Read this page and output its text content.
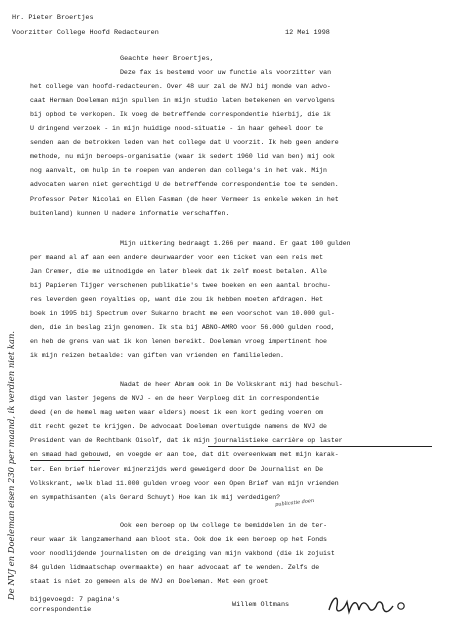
Hr. Pieter Broertjes
Voorzitter College Hoofd Redacteuren	12 Mei 1998
Geachte heer Broertjes,
Deze fax is bestemd voor uw functie als voorzitter van
het college van hoofd-redacteuren. Over 48 uur zal de NVJ bij monde van advo-
caat Herman Doeleman mijn spullen in mijn studio laten betekenen en vervolgens
bij opbod te verkopen. Ik voeg de betreffende correspondentie hierbij, die ik
U dringend verzoek - in mijn huidige nood-situatie - in haar geheel door te
senden aan de betrokken leden van het college dat U voorzit. Ik heb geen andere
methode, nu mijn beroeps-organisatie (waar ik sedert 1960 lid van ben) mij ook
nog aanvalt, om hulp in te roepen van anderen dan collega's in het vak. Mijn
advocaten waren niet gerechtigd U de betreffende correspondentie toe te senden.
Professor Peter Nicolai en Ellen Fasman (de heer Vermeer is enkele weken in het
buitenland) kunnen U nadere informatie verschaffen.
Mijn uitkering bedraagt 1.266 per maand. Er gaat 100 gulden
per maand al af aan een andere deurwaarder voor een ticket van een reis met
Jan Cremer, die me uitnodigde en later bleek dat ik zelf moest betalen. Alle
bij Papieren Tijger verschenen publikatie's twee boeken en een aantal brochu-
res leverden geen royalties op, want die zou ik hebben moeten afdragen. Het
boek in 1995 bij Spectrum over Sukarno bracht me een voorschot van 10.000 gul-
den, die in beslag zijn genomen. Ik sta bij ABNO-AMRO voor 56.000 gulden rood,
en heb de grens van wat ik kon lenen bereikt. Doeleman vroeg impertinent hoe
ik mijn reizen betaalde: van giften van vrienden en familieleden.
Nadat de heer Abram ook in De Volkskrant mij had beschul-
digd van laster jegens de NVJ - en de heer Verploeg dit in correspondentie
deed (en de hemel mag weten waar elders) moest ik een kort geding voeren om
dit recht gezet te krijgen. De advocaat Doeleman overtuigde namens de NVJ de
President van de Rechtbank Oisolf, dat ik mijn journalistieke carrière op laster
en smaad had gebouwd, en voegde er aan toe, dat dit overeenkwam met mijn karak-
ter. Een brief hierover mijnerzijds werd geweigerd door De Journalist en De
Volkskrant, welk blad 11.000 gulden vroeg voor een Open Brief van mijn vrienden
en sympathisanten (als Gerard Schuyt) Hoe kan ik mij verdedigen?
Ook een beroep op Uw college te bemiddelen in de ter-
reur waar ik langzamerhand aan bloot sta. Ook doe ik een beroep op het Fonds
voor noodlijdende journalisten om de dreiging van mijn vakbond (die ik zojuist
84 gulden lidmaatschap overmaakte) en haar advocaat af te wenden. Zelfs de
staat is niet zo gemeen als de NVJ en Doeleman. Met een groet
publicatie doen
bijgevoegd: 7 pagina's
correspondentie
Willem Oltmans
De NVJ en Doeleman eisen 230 per maand, ik verdien niet kan.
